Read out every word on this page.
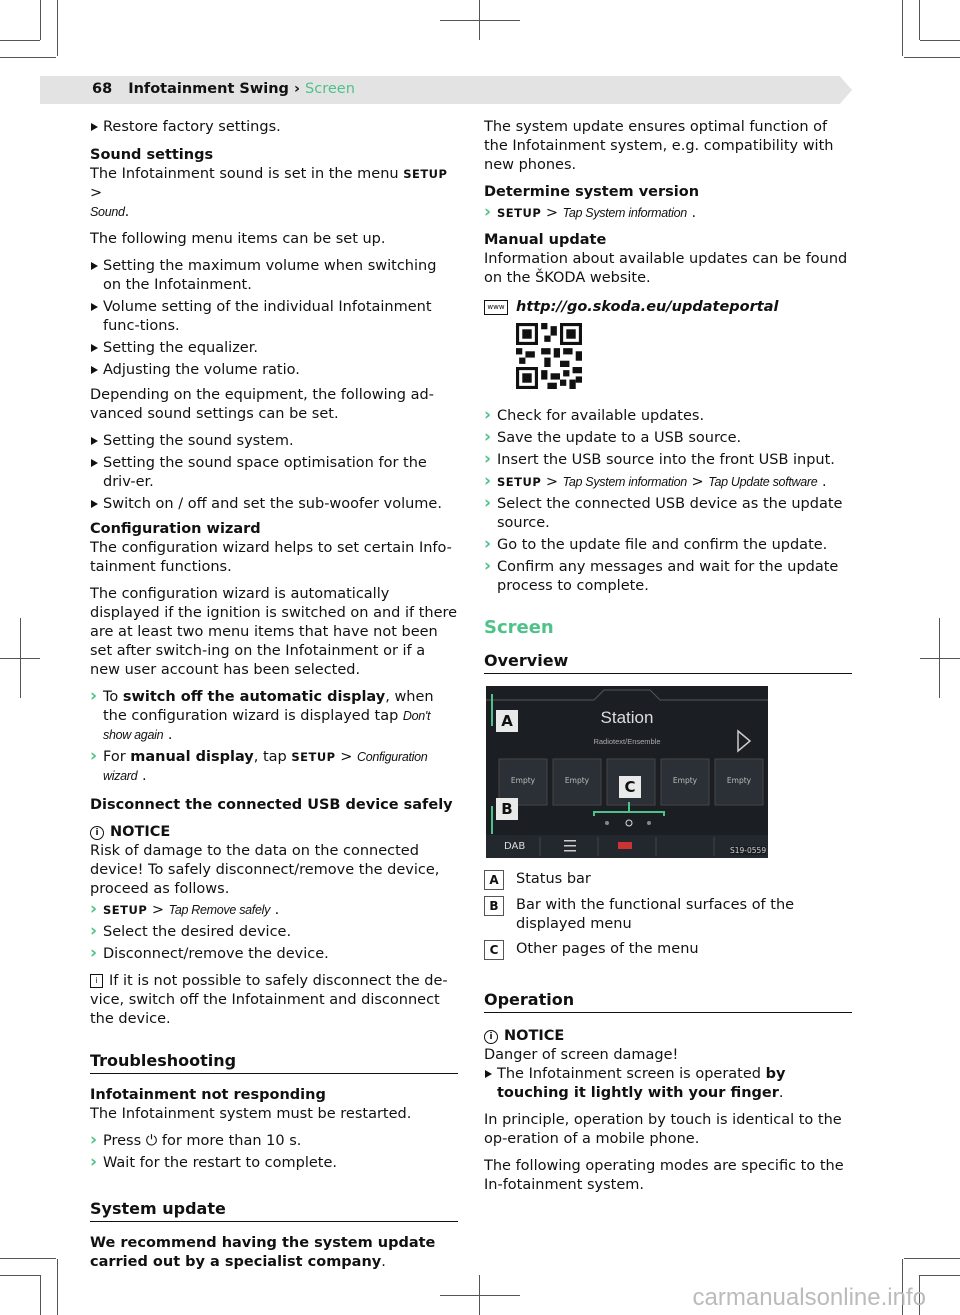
68 Infotainment Swing › Screen
Restore factory settings.

Sound settings
The Infotainment sound is set in the menu SETUP >
Sound.

The following menu items can be set up.

Setting the maximum volume when switching on the Infotainment.
Volume setting of the individual Infotainment func-tions.
Setting the equalizer.
Adjusting the volume ratio.

Depending on the equipment, the following ad-vanced sound settings can be set.

Setting the sound system.
Setting the sound space optimisation for the driv-er.
Switch on / off and set the sub-woofer volume.

Configuration wizard
The configuration wizard helps to set certain Info-tainment functions.

The configuration wizard is automatically displayed if the ignition is switched on and if there are at least two menu items that have not been set after switch-ing on the Infotainment or if a new user account has been selected.

› To switch off the automatic display, when the configuration wizard is displayed tap Don't show again .
› For manual display, tap SETUP > Configuration wizard .

Disconnect the connected USB device safely

i NOTICE

Risk of damage to the data on the connected device! To safely disconnect/remove the device, proceed as follows.

› SETUP > Tap Remove safely .
› Select the desired device.
› Disconnect/remove the device.

i If it is not possible to safely disconnect the de-vice, switch off the Infotainment and disconnect the device.

Troubleshooting

Infotainment not responding
The Infotainment system must be restarted.

› Press ⏻ for more than 10 s.
› Wait for the restart to complete.
System update

We recommend having the system update carried out by a specialist company.

The system update ensures optimal function of the Infotainment system, e.g. compatibility with new phones.

Determine system version

› SETUP > Tap System information .

Manual update
Information about available updates can be found on the ŠKODA website.

www http://go.skoda.eu/updateportal

› Check for available updates.
› Save the update to a USB source.
› Insert the USB source into the front USB input.
› SETUP > Tap System information > Tap Update software .
› Select the connected USB device as the update source.
› Go to the update file and confirm the update.
› Confirm any messages and wait for the update process to complete.
Screen
Overview
Station
Radiotext/Ensemble
Empty	Empty	Empty	Empty
DAB	S19-0559
A
B
C
A	Status bar
B	Bar with the functional surfaces of the displayed menu
C	Other pages of the menu
Operation
i NOTICE

Danger of screen damage!

The Infotainment screen is operated by touching it lightly with your finger.

In principle, operation by touch is identical to the op-eration of a mobile phone.

The following operating modes are specific to the In-fotainment system.

carmanualsonline.info
